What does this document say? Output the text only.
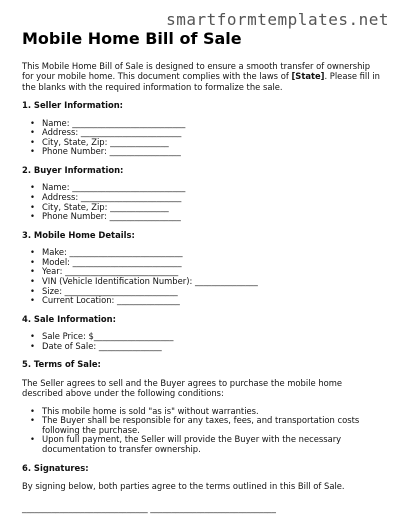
smartformtemplates.net
Mobile Home Bill of Sale

This Mobile Home Bill of Sale is designed to ensure a smooth transfer of ownership for your mobile home. This document complies with the laws of [State]. Please fill in the blanks with the required information to formalize the sale.

1. Seller Information:
• Name: ___________________________
• Address: ________________________
• City, State, Zip: ______________
• Phone Number: _________________
2. Buyer Information:
• Name: ___________________________
• Address: ________________________
• City, State, Zip: ______________
• Phone Number: _________________
3. Mobile Home Details:
• Make: ___________________________
• Model: __________________________
• Year: ___________________________
• VIN (Vehicle Identification Number): _______________
• Size: ___________________________
• Current Location: _______________
4. Sale Information:
• Sale Price: $___________________
• Date of Sale: _______________
5. Terms of Sale:

The Seller agrees to sell and the Buyer agrees to purchase the mobile home described above under the following conditions:

• This mobile home is sold "as is" without warranties.
• The Buyer shall be responsible for any taxes, fees, and transportation costs following the purchase.
• Upon full payment, the Seller will provide the Buyer with the necessary documentation to transfer ownership.
6. Signatures:

By signing below, both parties agree to the terms outlined in this Bill of Sale.

______________________________ ______________________________
